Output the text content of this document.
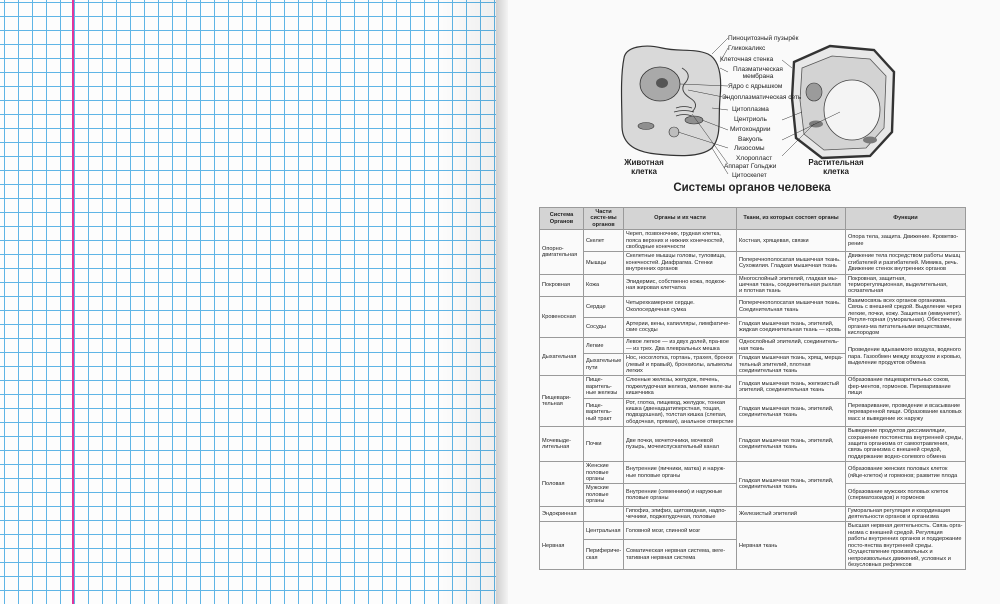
Пиноцитозный пузырёк
Гликокаликс
Клеточная стенка
Плазматическая мембрана
Ядро с ядрышком
Эндоплазматическая сеть
Цитоплазма
Центриоль
Митохондрии
Вакуоль
Лизосомы
Хлоропласт
Аппарат Гольджи
Цитоскелет
Животная клетка
Растительная клетка
Системы органов человека
Система Органов	Части систе-мы органов	Органы и их части	Ткани, из которых состоят органы	Функции
Опорно-двигательная	Скелет	Череп, позвоночник, грудная клетка, пояса верхних и нижних конечностей, свободные конечности	Костная, хрящевая, связки	Опора тела, защита. Движение. Кроветво-рение
	Мышцы	Скелетные мышцы головы, туловища, конечностей. Диафрагма. Стенки внутренних органов	Поперечнополосатая мышечная ткань. Сухожилия. Гладкая мышечная ткань	Движение тела посредством работы мышц сгибателей и разгибателей. Мимика, речь. Движение стенок внутренних органов
Покровная	Кожа	Эпидермис, собственно кожа, подкож-ная жировая клетчатка	Многослойный эпителий, гладкая мы-шечная ткань, соединительная рыхлая и плотная ткань	Покровная, защитная, терморегуляционная, выделительная, осязательная
Кровеносная	Сердце	Четырехкамерное сердце. Околосердечная сумка	Поперечнополосатая мышечная ткань. Соединительная ткань	Взаимосвязь всех органов организма. Связь с внешней средой. Выделение через легкие, почки, кожу. Защитная (иммунитет). Регуля-торная (гуморальная). Обеспечение организ-ма питательными веществами, кислородом
	Сосуды	Артерии, вены, капилляры, лимфатиче-ские сосуды	Гладкая мышечная ткань, эпителий, жидкая соединительная ткань — кровь	
Дыхательная	Легкие	Левое легкое — из двух долей, пра-вое — из трех. Два плевральных мешка	Однослойный эпителий, соединитель-ная ткань	Проведение вдыхаемого воздуха, водяного пара. Газообмен между воздухом и кровью, выделение продуктов обмена
	Дыхательные пути	Нос, носоглотка, гортань, трахея, бронхи (левый и правый), бронхиолы, альвеолы легких	Гладкая мышечная ткань, хрящ, мерца-тельный эпителий, плотная соединительная ткань	
Пищевари-тельная	Пище-варитель-ные железы	Слюнные железы, желудок, печень, поджелудочная железа, мелкие желе-зы кишечника	Гладкая мышечная ткань, железистый эпителий, соединительная ткань	Образование пищеварительных соков, фер-ментов, гормонов. Переваривание пищи
	Пище-варитель-ный тракт	Рот, глотка, пищевод, желудок, тонкая кишка (двенадцатиперстная, тощая, подвздошная), толстая кишка (слепая, ободочная, прямая), анальное отверстие	Гладкая мышечная ткань, эпителий, соединительная ткань	Переваривание, проведение и всасывание переваренной пищи. Образование каловых масс и выведение их наружу
Мочевыде-лительная	Почки	Две почки, мочеточники, мочевой пузырь, мочеиспускательный канал	Гладкая мышечная ткань, эпителий, соединительная ткань	Выведение продуктов диссимиляции, сохранение постоянства внутренней среды, защита организма от самоотравления, связь организма с внешней средой, поддержание водно-солевого обмена
Половая	Женские половые органы	Внутренние (яичники, матка) и наруж-ные половые органы	Гладкая мышечная ткань, эпителий, соединительная ткань	Образование женских половых клеток (яйце-клеток) и гормонов; развитие плода
	Мужские половые органы	Внутренние (семенники) и наружные половые органы		Образование мужских половых клеток (сперматозоидов) и гормонов
Эндокринная		Гипофиз, эпифиз, щитовидная, надпо-чечники, поджелудочная, половые	Железистый эпителий	Гуморальная регуляция и координация деятельности органов и организма
Нервная	Центральная	Головной мозг, спинной мозг	Нервная ткань	Высшая нервная деятельность. Связь орга-низма с внешней средой. Регуляция работы внутренних органов и поддержание посто-янства внутренней среды. Осуществление произвольных и непроизвольных движений, условных и безусловных рефлексов
	Перифериче-ская	Соматическая нервная система, веге-тативная нервная система		
